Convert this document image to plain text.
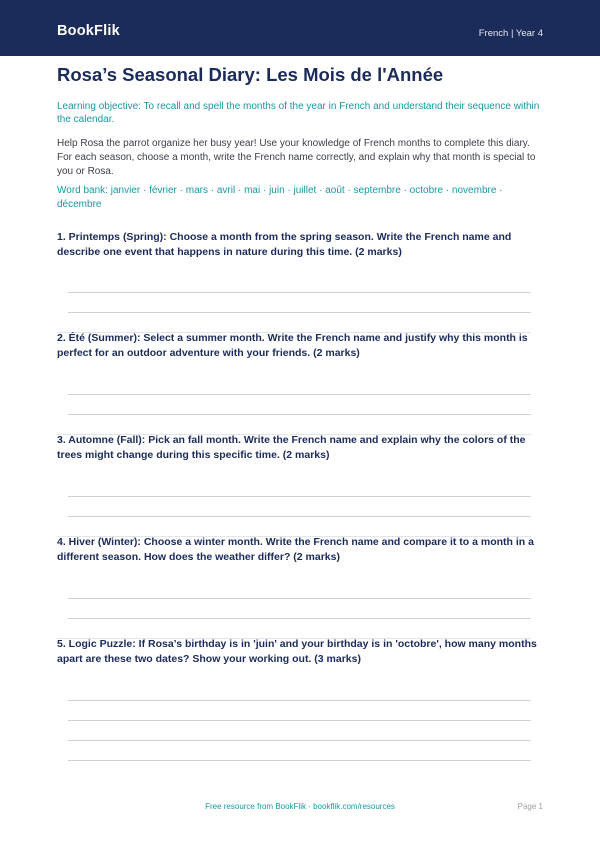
BookFlik	French | Year 4
Rosa’s Seasonal Diary: Les Mois de l'Année

Learning objective: To recall and spell the months of the year in French and understand their sequence within the calendar.

Help Rosa the parrot organize her busy year! Use your knowledge of French months to complete this diary. For each season, choose a month, write the French name correctly, and explain why that month is special to you or Rosa.

Word bank: janvier · février · mars · avril · mai · juin · juillet · août · septembre · octobre · novembre · décembre

1. Printemps (Spring): Choose a month from the spring season. Write the French name and describe one event that happens in nature during this time. (2 marks)

2. Été (Summer): Select a summer month. Write the French name and justify why this month is perfect for an outdoor adventure with your friends. (2 marks)

3. Automne (Fall): Pick an fall month. Write the French name and explain why the colors of the trees might change during this specific time. (2 marks)

4. Hiver (Winter): Choose a winter month. Write the French name and compare it to a month in a different season. How does the weather differ? (2 marks)

5. Logic Puzzle: If Rosa’s birthday is in 'juin' and your birthday is in 'octobre', how many months apart are these two dates? Show your working out. (3 marks)

Free resource from BookFlik · bookflik.com/resources	Page 1
